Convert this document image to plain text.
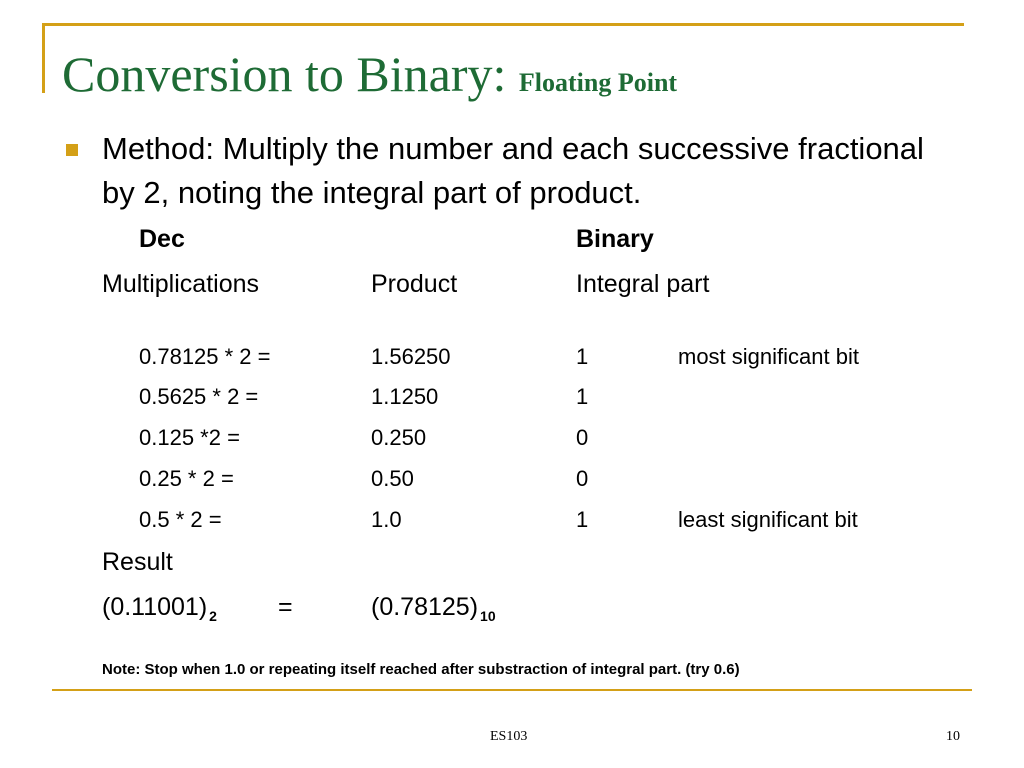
Conversion to Binary: Floating Point
Method: Multiply the number and each successive fractional by 2, noting the integral part of product.
Dec	Binary
Multiplications	Product	Integral part
0.78125 * 2 =	1.56250	1	most significant bit
0.5625 * 2 =	1.1250	1
0.125 *2 =	0.250	0
0.25 * 2 =	0.50	0
0.5 * 2 =	1.0	1	least significant bit
Result
(0.11001) $_2$ =	(0.78125) $_{10}$
Note: Stop when 1.0 or repeating itself reached after substraction of integral part. (try 0.6)
ES103	10
